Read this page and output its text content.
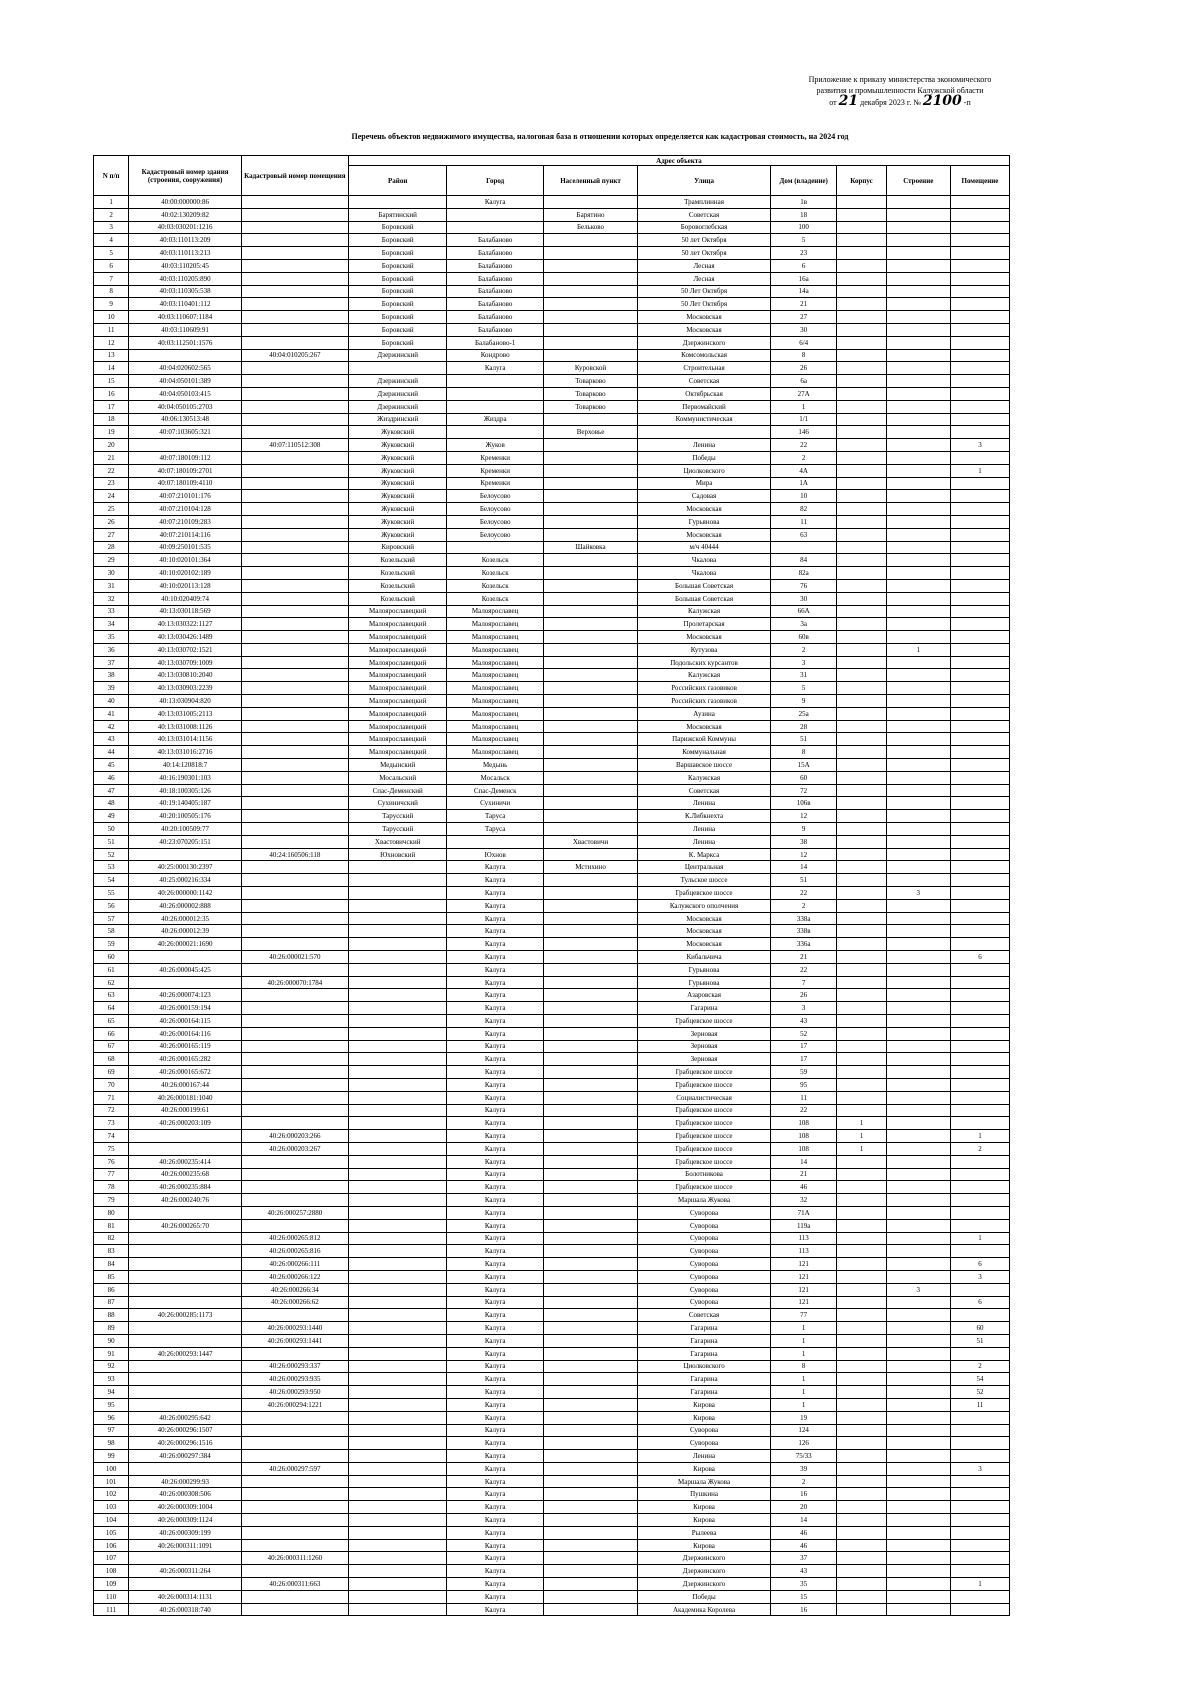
Приложение к приказу министерства экономического
развития и промышленности Калужской области
от 21 декабря 2023 г. № 2100 -п
Перечень объектов недвижимого имущества, налоговая база в отношении которых определяется как кадастровая стоимость, на 2024 год
N п/п	Кадастровый номер здания (строения, сооружения)	Кадастровый номер помещения	Адрес объекта							
			Район	Город	Населенный пункт	Улица	Дом (владение)	Корпус	Строение	Помещение
1	40:00:000000:86			Калуга		Трамплинная	1в			
2	40:02:130209:82		Барятинский		Барятино	Советская	18			
3	40:03:030201:1216		Боровский		Бельково	Боровоглебская	100			
4	40:03:110113:209		Боровский	Балабаново		50 лет Октября	5			
5	40:03:110113:213		Боровский	Балабаново		50 лет Октября	23			
6	40:03:110205:45		Боровский	Балабаново		Лесная	6			
7	40:03:110205:890		Боровский	Балабаново		Лесная	16а			
8	40:03:110305:538		Боровский	Балабаново		50 Лет Октября	14а			
9	40:03:110401:112		Боровский	Балабаново		50 Лет Октября	21			
10	40:03:110607:1184		Боровский	Балабаново		Московская	27			
11	40:03:110609:91		Боровский	Балабаново		Московская	30			
12	40:03:112501:1576		Боровский	Балабаново-1		Дзержинского	6/4			
13		40:04:010205:267	Дзержинский	Кондрово		Комсомольская	8			
14	40:04:020602:565			Калуга	Куровской	Строительная	26			
15	40:04:050101:389		Дзержинский		Товарково	Советская	6а			
16	40:04:050103:415		Дзержинский		Товарково	Октябрьская	27А			
17	40:04:050105:2703		Дзержинский		Товарково	Первомайский	1			
18	40:06:130513:48		Жиздринский	Жиздра		Коммунистическая	1/1			
19	40:07:103605:321		Жуковский		Верховье		146			
20		40:07:110512:308	Жуковский	Жуков		Ленина	22			3
21	40:07:180109:112		Жуковский	Кременки		Победы	2			
22	40:07:180109:2701		Жуковский	Кременки		Циолковского	4А			1
23	40:07:180109:4110		Жуковский	Кременки		Мира	1А			
24	40:07:210101:176		Жуковский	Белоусово		Садовая	10			
25	40:07:210104:128		Жуковский	Белоусово		Московская	82			
26	40:07:210109:283		Жуковский	Белоусово		Гурьянова	11			
27	40:07:210114:116		Жуковский	Белоусово		Московская	63			
28	40:09:250101:535		Кировский		Шайковка	м/ч 40444				
29	40:10:020101:364		Козельский	Козельск		Чкалова	84			
30	40:10:020102:189		Козельский	Козельск		Чкалова	82а			
31	40:10:020113:128		Козельский	Козельск		Большая Советская	76			
32	40:10:020409:74		Козельский	Козельск		Большая Советская	30			
33	40:13:030118:569		Малоярославецкий	Малоярославец		Калужская	66А			
34	40:13:030322:1127		Малоярославецкий	Малоярославец		Пролетарская	3а			
35	40:13:030426:1489		Малоярославецкий	Малоярославец		Московская	60в			
36	40:13:030702:1521		Малоярославецкий	Малоярославец		Кутузова	2		1	
37	40:13:030709:1009		Малоярославецкий	Малоярославец		Подольских курсантов	3			
38	40:13:030810:2040		Малоярославецкий	Малоярославец		Калужская	31			
39	40:13:030903:2239		Малоярославецкий	Малоярославец		Российских газовиков	5			
40	40:13:030904:820		Малоярославецкий	Малоярославец		Российских газовиков	9			
41	40:13:031005:2113		Малоярославецкий	Малоярославец		Аузина	25а			
42	40:13:031008:1126		Малоярославецкий	Малоярославец		Московская	28			
43	40:13:031014:1156		Малоярославецкий	Малоярославец		Парижской Коммуны	51			
44	40:13:031016:2716		Малоярославецкий	Малоярославец		Коммунальная	8			
45	40:14:120818:7		Медынский	Медынь		Варшавское шоссе	15А			
46	40:16:190301:103		Мосальский	Мосальск		Калужская	60			
47	40:18:100305:126		Спас-Деменский	Спас-Деменск		Советская	72			
48	40:19:140405:187		Сухиничский	Сухиничи		Ленина	106в			
49	40:20:100505:176		Тарусский	Таруса		К.Либкнехта	12			
50	40:20:100509:77		Тарусский	Таруса		Ленина	9			
51	40:23:070205:151		Хвастовичский		Хвастовичи	Ленина	38			
52		40:24:160506:118	Юхновский	Юхнов		К. Маркса	12			
53	40:25:000130:2397			Калуга	Мстихино	Центральная	14			
54	40:25:000216:334			Калуга		Тульское шоссе	51			
55	40:26:000000:1142			Калуга		Грабцевское шоссе	22		3	
56	40:26:000002:888			Калуга		Калужского ополчения	2			
57	40:26:000012:35			Калуга		Московская	338а			
58	40:26:000012:39			Калуга		Московская	338в			
59	40:26:000021:1690			Калуга		Московская	336а			
60		40:26:000021:570		Калуга		Кибальчича	21			6
61	40:26:000045:425			Калуга		Гурьянова	22			
62		40:26:000070:1784		Калуга		Гурьянова	7			
63	40:26:000074:123			Калуга		Азаровская	26			
64	40:26:000159:194			Калуга		Гагарина	3			
65	40:26:000164:115			Калуга		Грабцевское шоссе	43			
66	40:26:000164:116			Калуга		Зерновая	52			
67	40:26:000165:119			Калуга		Зерновая	17			
68	40:26:000165:282			Калуга		Зерновая	17			
69	40:26:000165:672			Калуга		Грабцевское шоссе	59			
70	40:26:000167:44			Калуга		Грабцевское шоссе	95			
71	40:26:000181:1040			Калуга		Социалистическая	11			
72	40:26:000199:61			Калуга		Грабцевское шоссе	22			
73	40:26:000203:109			Калуга		Грабцевское шоссе	108	1		
74		40:26:000203:266		Калуга		Грабцевское шоссе	108	1		1
75		40:26:000203:267		Калуга		Грабцевское шоссе	108	1		2
76	40:26:000235:414			Калуга		Грабцевское шоссе	14			
77	40:26:000235:68			Калуга		Болотникова	21			
78	40:26:000235:884			Калуга		Грабцевское шоссе	46			
79	40:26:000240:76			Калуга		Маршала Жукова	32			
80		40:26:000257:2880		Калуга		Суворова	71А			
81	40:26:000265:70			Калуга		Суворова	119а			
82		40:26:000265:812		Калуга		Суворова	113			1
83		40:26:000265:816		Калуга		Суворова	113			
84		40:26:000266:111		Калуга		Суворова	121			6
85		40:26:000266:122		Калуга		Суворова	121			3
86		40:26:000266:34		Калуга		Суворова	121		3	
87		40:26:000266:62		Калуга		Суворова	121			6
88	40:26:000285:1173			Калуга		Советская	77			
89		40:26:000293:1440		Калуга		Гагарина	1			60
90		40:26:000293:1441		Калуга		Гагарина	1			51
91	40:26:000293:1447			Калуга		Гагарина	1			
92		40:26:000293:337		Калуга		Циолковского	8			2
93		40:26:000293:935		Калуга		Гагарина	1			54
94		40:26:000293:950		Калуга		Гагарина	1			52
95		40:26:000294:1221		Калуга		Кирова	1			11
96	40:26:000295:642			Калуга		Кирова	19			
97	40:26:000296:1507			Калуга		Суворова	124			
98	40:26:000296:1516			Калуга		Суворова	126			
99	40:26:000297:384			Калуга		Ленина	75/33			
100		40:26:000297:597		Калуга		Кирова	39			3
101	40:26:000299:93			Калуга		Маршала Жукова	2			
102	40:26:000308:506			Калуга		Пушкина	16			
103	40:26:000309:1004			Калуга		Кирова	20			
104	40:26:000309:1124			Калуга		Кирова	14			
105	40:26:000309:199			Калуга		Рылеева	46			
106	40:26:000311:1091			Калуга		Кирова	46			
107		40:26:000311:1260		Калуга		Дзержинского	37			
108	40:26:000311:264			Калуга		Дзержинского	43			
109		40:26:000311:663		Калуга		Дзержинского	35			1
110	40:26:000314:1131			Калуга		Победы	15			
111	40:26:000318:740			Калуга		Академика Королева	16			
